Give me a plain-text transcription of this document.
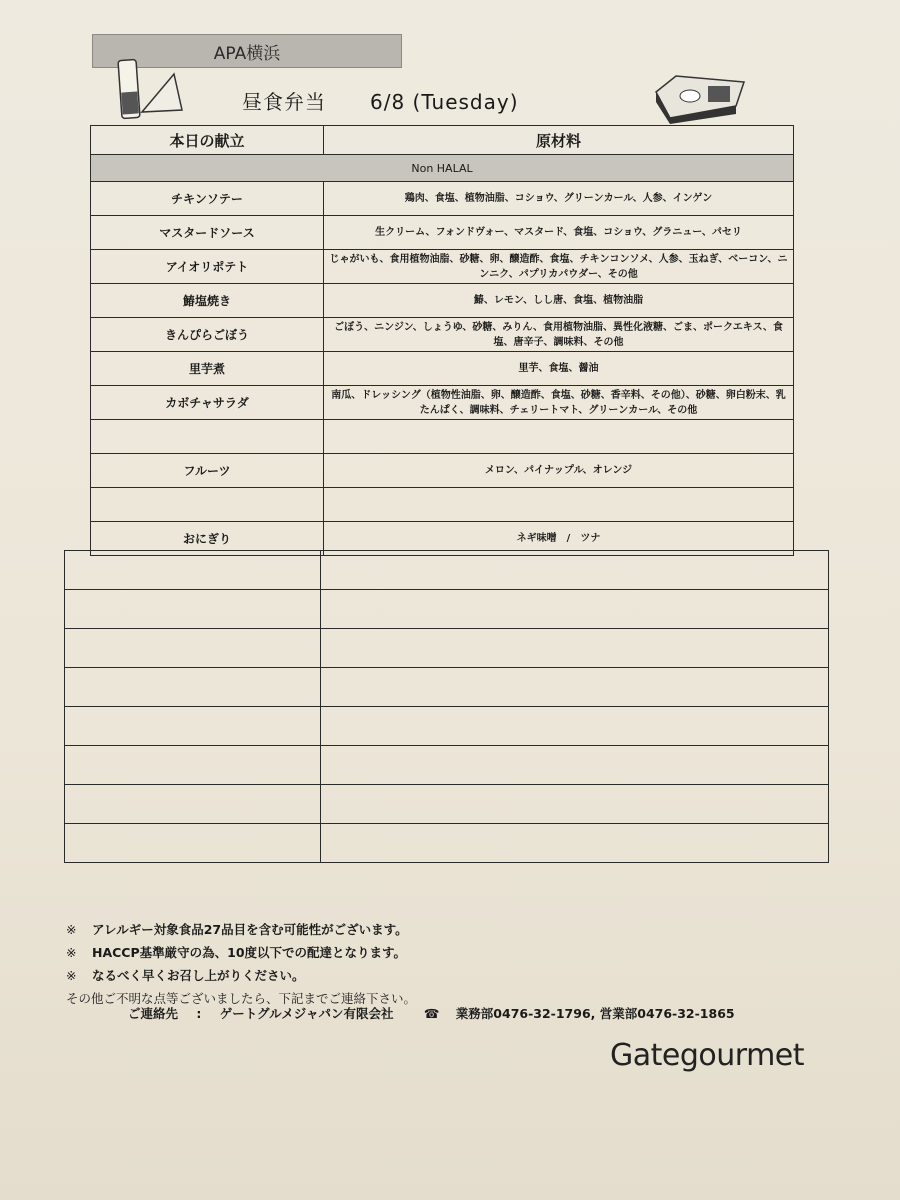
APA横浜
昼食弁当 6/8 (Tuesday)
本日の献立	原材料
Non HALAL	
チキンソテー	鶏肉、食塩、植物油脂、コショウ、グリーンカール、人参、インゲン
マスタードソース	生クリーム、フォンドヴォー、マスタード、食塩、コショウ、グラニュー、パセリ
アイオリポテト	じゃがいも、食用植物油脂、砂糖、卵、醸造酢、食塩、チキンコンソメ、人参、玉ねぎ、ベーコン、ニンニク、パプリカパウダー、その他
鰆塩焼き	鰆、レモン、しし唐、食塩、植物油脂
きんぴらごぼう	ごぼう、ニンジン、しょうゆ、砂糖、みりん、食用植物油脂、異性化液糖、ごま、ポークエキス、食塩、唐辛子、調味料、その他
里芋煮	里芋、食塩、醤油
カボチャサラダ	南瓜、ドレッシング（植物性油脂、卵、醸造酢、食塩、砂糖、香辛料、その他）、砂糖、卵白粉末、乳たんぱく、調味料、チェリートマト、グリーンカール、その他

フルーツ	メロン、パイナップル、オレンジ

おにぎり	ネギ味噌　/　ツナ

※ アレルギー対象食品27品目を含む可能性がございます。
※ HACCP基準厳守の為、10度以下での配達となります。
※ なるべく早くお召し上がりください。
その他ご不明な点等ございましたら、下記までご連絡下さい。
ご連絡先 : ゲートグルメジャパン有限会社 ☎ 業務部0476-32-1796, 営業部0476-32-1865
Gategourmet
